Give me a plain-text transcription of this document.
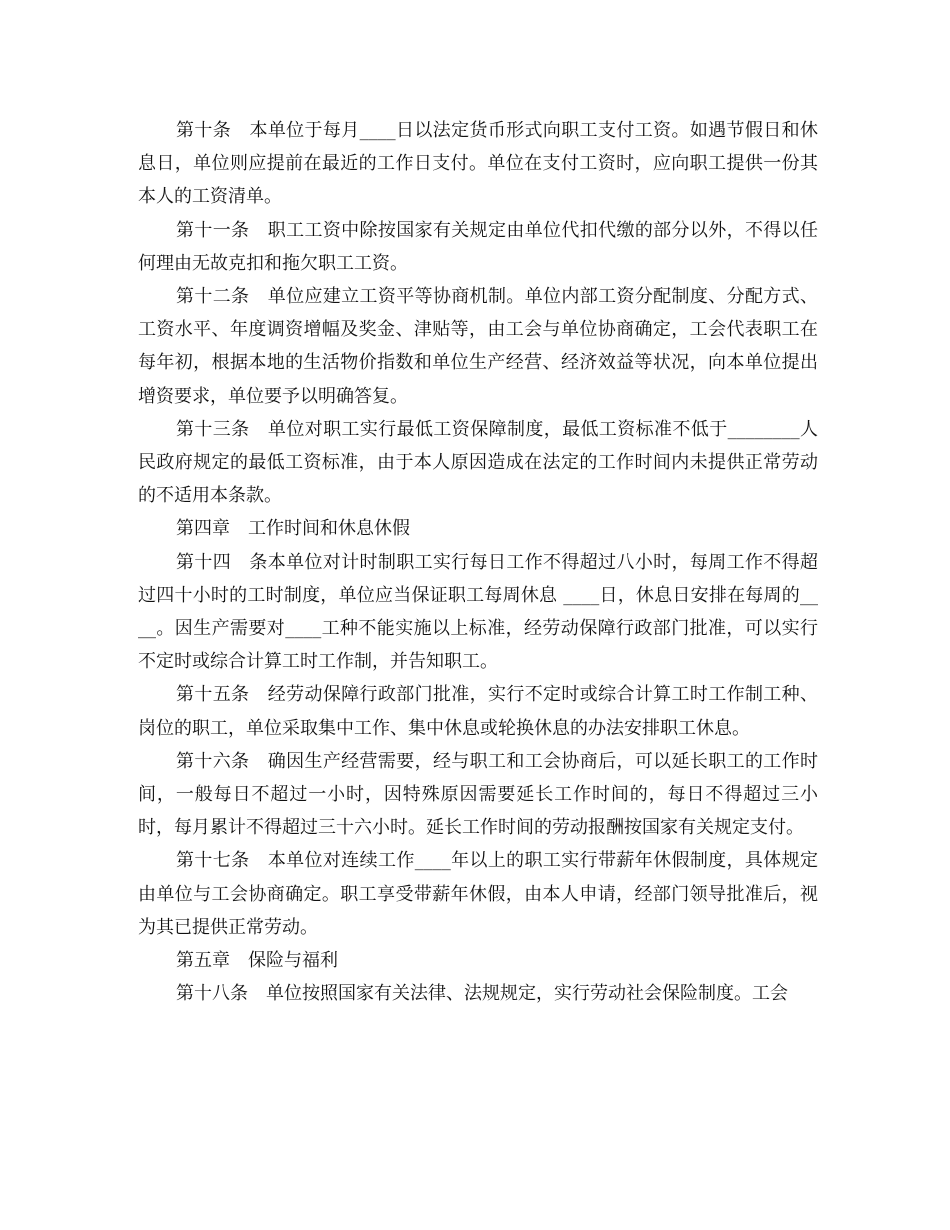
第十条　本单位于每月____日以法定货币形式向职工支付工资。如遇节假日和休息日，单位则应提前在最近的工作日支付。单位在支付工资时，应向职工提供一份其本人的工资清单。

第十一条　职工工资中除按国家有关规定由单位代扣代缴的部分以外，不得以任何理由无故克扣和拖欠职工工资。

第十二条　单位应建立工资平等协商机制。单位内部工资分配制度、分配方式、工资水平、年度调资增幅及奖金、津贴等，由工会与单位协商确定，工会代表职工在每年初，根据本地的生活物价指数和单位生产经营、经济效益等状况，向本单位提出增资要求，单位要予以明确答复。

第十三条　单位对职工实行最低工资保障制度，最低工资标准不低于________人民政府规定的最低工资标准，由于本人原因造成在法定的工作时间内未提供正常劳动的不适用本条款。

第四章　工作时间和休息休假

第十四　条本单位对计时制职工实行每日工作不得超过八小时，每周工作不得超过四十小时的工时制度，单位应当保证职工每周休息 ____日，休息日安排在每周的____。因生产需要对____工种不能实施以上标准，经劳动保障行政部门批准，可以实行不定时或综合计算工时工作制，并告知职工。

第十五条　经劳动保障行政部门批准，实行不定时或综合计算工时工作制工种、岗位的职工，单位采取集中工作、集中休息或轮换休息的办法安排职工休息。

第十六条　确因生产经营需要，经与职工和工会协商后，可以延长职工的工作时间，一般每日不超过一小时，因特殊原因需要延长工作时间的，每日不得超过三小时，每月累计不得超过三十六小时。延长工作时间的劳动报酬按国家有关规定支付。

第十七条　本单位对连续工作____年以上的职工实行带薪年休假制度，具体规定由单位与工会协商确定。职工享受带薪年休假，由本人申请，经部门领导批准后，视为其已提供正常劳动。

第五章　保险与福利

第十八条　单位按照国家有关法律、法规规定，实行劳动社会保险制度。工会
